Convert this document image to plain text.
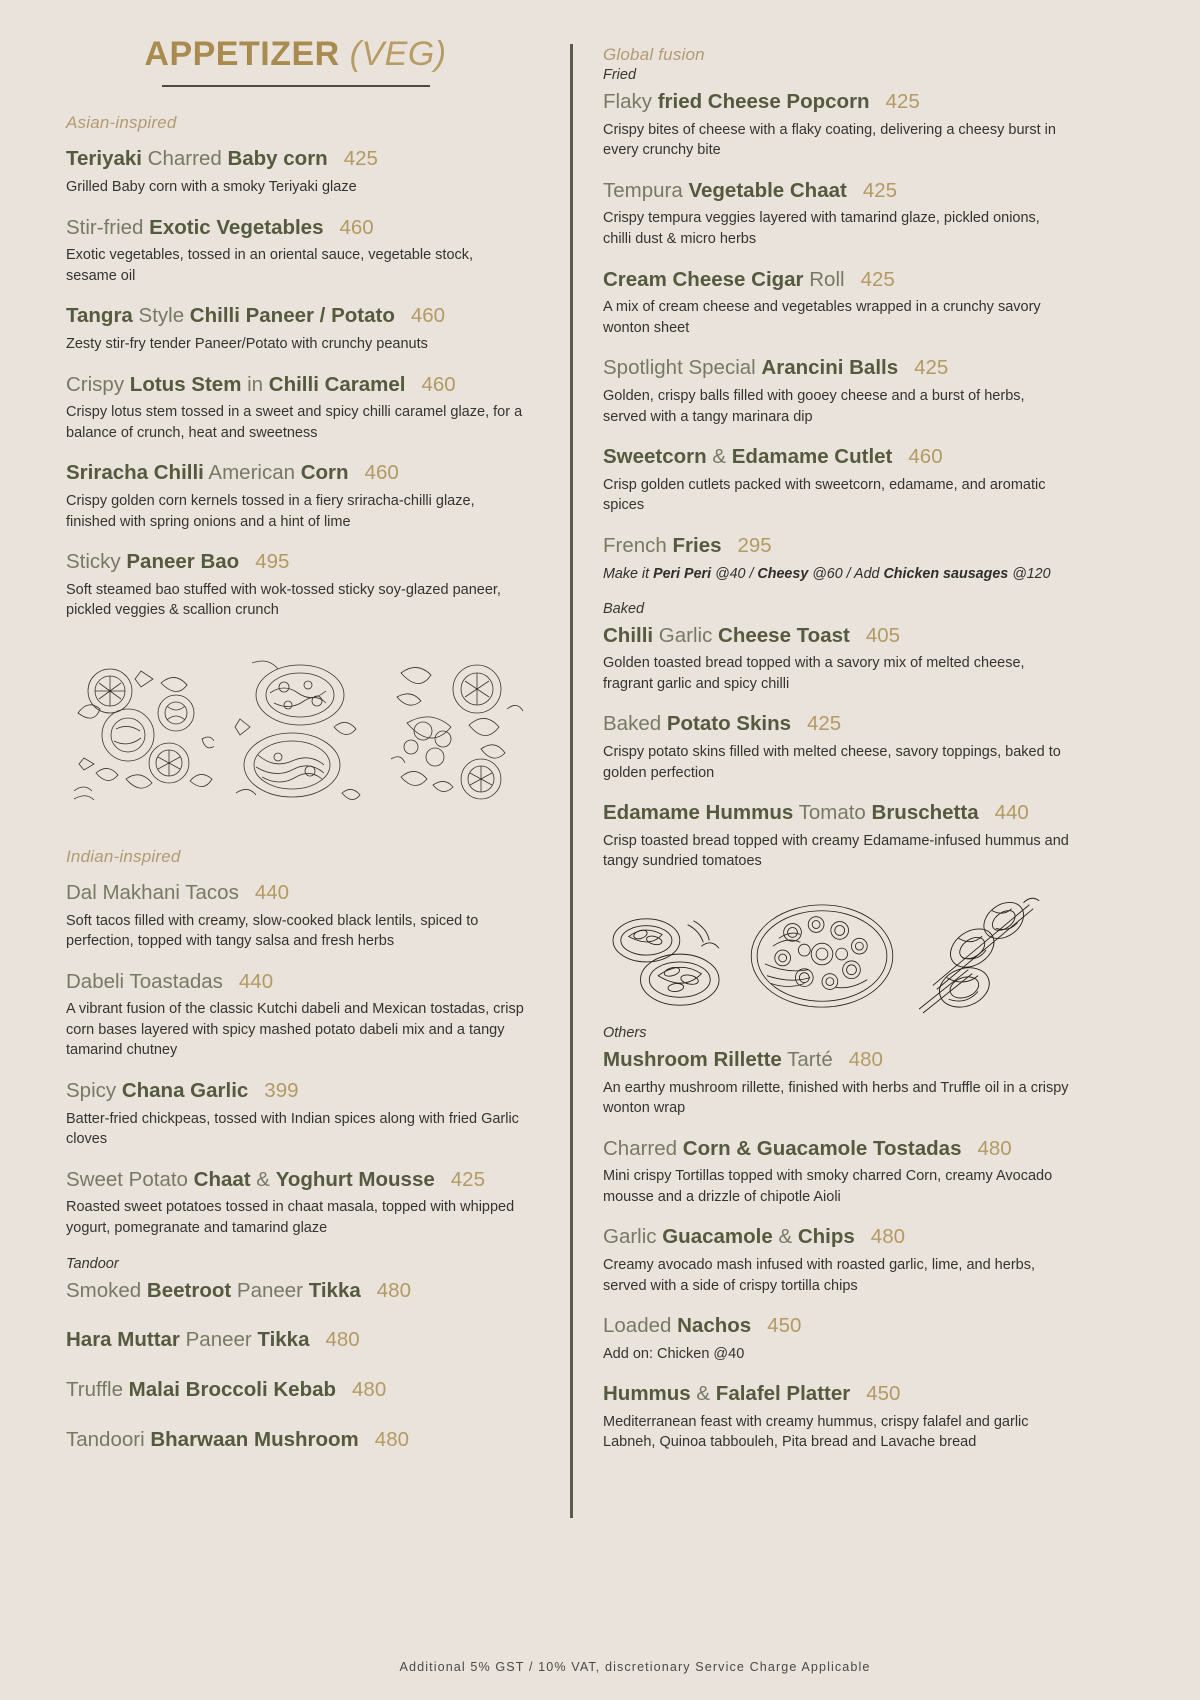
APPETIZER (VEG)
Asian-inspired
Teriyaki Charred Baby corn 425

Grilled Baby corn with a smoky Teriyaki glaze

Stir-fried Exotic Vegetables 460

Exotic vegetables, tossed in an oriental sauce, vegetable stock, sesame oil

Tangra Style Chilli Paneer / Potato 460

Zesty stir-fry tender Paneer/Potato with crunchy peanuts

Crispy Lotus Stem in Chilli Caramel 460

Crispy lotus stem tossed in a sweet and spicy chilli caramel glaze, for a balance of crunch, heat and sweetness

Sriracha Chilli American Corn 460

Crispy golden corn kernels tossed in a fiery sriracha-chilli glaze, finished with spring onions and a hint of lime

Sticky Paneer Bao 495

Soft steamed bao stuffed with wok-tossed sticky soy-glazed paneer, pickled veggies & scallion crunch

Indian-inspired
Dal Makhani Tacos 440

Soft tacos filled with creamy, slow-cooked black lentils, spiced to perfection, topped with tangy salsa and fresh herbs

Dabeli Toastadas 440

A vibrant fusion of the classic Kutchi dabeli and Mexican tostadas, crisp corn bases layered with spicy mashed potato dabeli mix and a tangy tamarind chutney

Spicy Chana Garlic 399

Batter-fried chickpeas, tossed with Indian spices along with fried Garlic cloves

Sweet Potato Chaat & Yoghurt Mousse 425

Roasted sweet potatoes tossed in chaat masala, topped with whipped yogurt, pomegranate and tamarind glaze

Tandoor
Smoked Beetroot Paneer Tikka 480
Hara Muttar Paneer Tikka 480
Truffle Malai Broccoli Kebab 480
Tandoori Bharwaan Mushroom 480
Global fusion
Fried
Flaky fried Cheese Popcorn 425

Crispy bites of cheese with a flaky coating, delivering a cheesy burst in every crunchy bite

Tempura Vegetable Chaat 425

Crispy tempura veggies layered with tamarind glaze, pickled onions, chilli dust & micro herbs

Cream Cheese Cigar Roll 425

A mix of cream cheese and vegetables wrapped in a crunchy savory wonton sheet

Spotlight Special Arancini Balls 425

Golden, crispy balls filled with gooey cheese and a burst of herbs, served with a tangy marinara dip

Sweetcorn & Edamame Cutlet 460

Crisp golden cutlets packed with sweetcorn, edamame, and aromatic spices

French Fries 295

Make it Peri Peri @40 / Cheesy @60 / Add Chicken sausages @120

Baked
Chilli Garlic Cheese Toast 405

Golden toasted bread topped with a savory mix of melted cheese, fragrant garlic and spicy chilli

Baked Potato Skins 425

Crispy potato skins filled with melted cheese, savory toppings, baked to golden perfection

Edamame Hummus Tomato Bruschetta 440

Crisp toasted bread topped with creamy Edamame-infused hummus and tangy sundried tomatoes

Others
Mushroom Rillette Tarté 480

An earthy mushroom rillette, finished with herbs and Truffle oil in a crispy wonton wrap

Charred Corn & Guacamole Tostadas 480

Mini crispy Tortillas topped with smoky charred Corn, creamy Avocado mousse and a drizzle of chipotle Aioli

Garlic Guacamole & Chips 480

Creamy avocado mash infused with roasted garlic, lime, and herbs, served with a side of crispy tortilla chips

Loaded Nachos 450

Add on: Chicken @40

Hummus & Falafel Platter 450

Mediterranean feast with creamy hummus, crispy falafel and garlic Labneh, Quinoa tabbouleh, Pita bread and Lavache bread

Additional 5% GST / 10% VAT, discretionary Service Charge Applicable
